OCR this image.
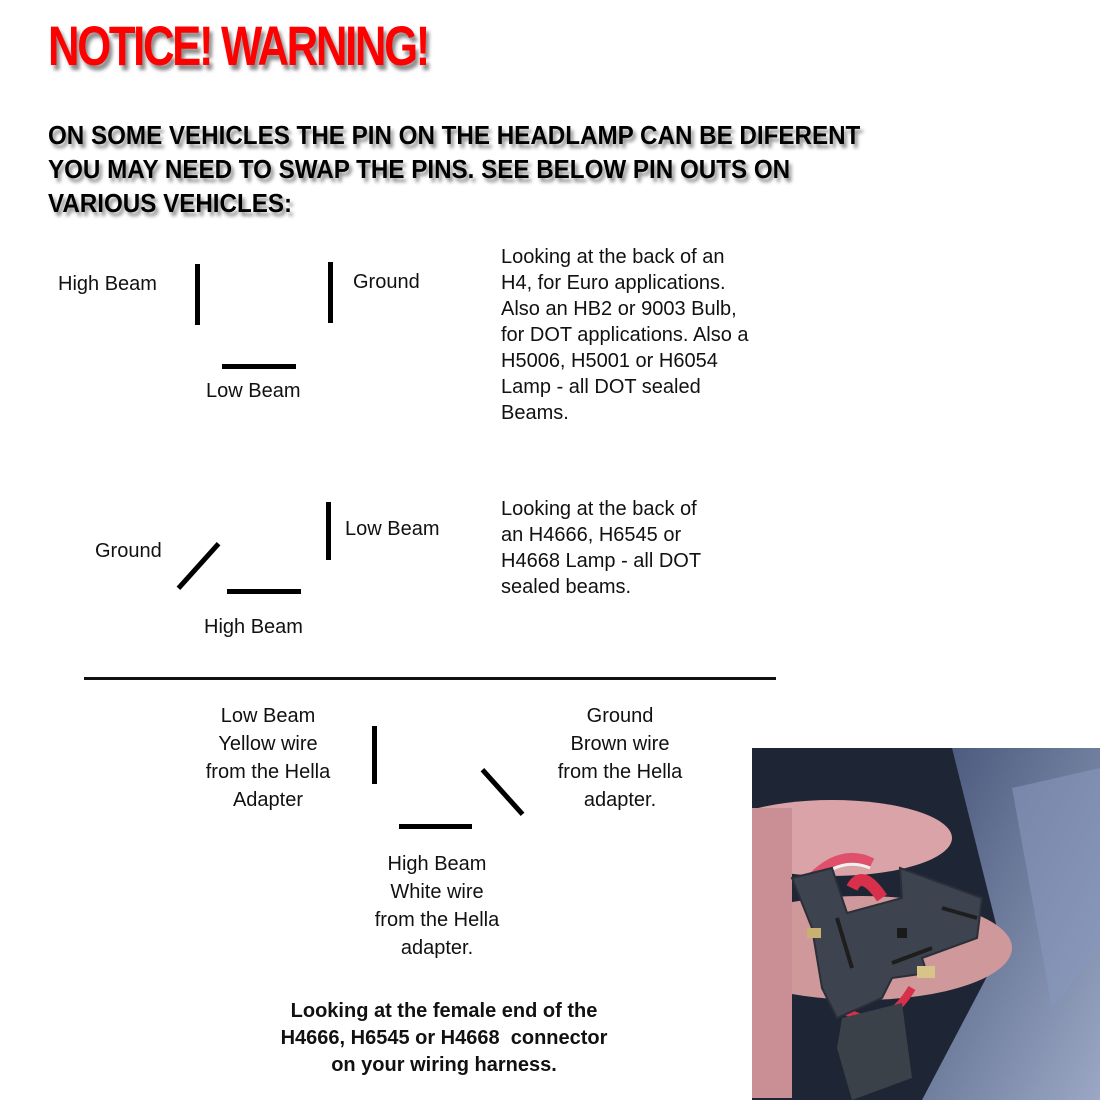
NOTICE! WARNING!
ON SOME VEHICLES THE PIN ON THE HEADLAMP CAN BE DIFERENT
YOU MAY NEED TO SWAP THE PINS. SEE BELOW PIN OUTS ON
VARIOUS VEHICLES:
High Beam	Ground
Low Beam
Looking at the back of an
H4, for Euro applications.
Also an HB2 or 9003 Bulb,
for DOT applications. Also a
H5006, H5001 or H6054
Lamp - all DOT sealed
Beams.
Ground
Low Beam
High Beam
Looking at the back of
an H4666, H6545 or
H4668 Lamp - all DOT
sealed beams.
Low Beam
Yellow wire
from the Hella
Adapter
Ground
Brown wire
from the Hella
adapter.
High Beam
White wire
from the Hella
adapter.
Looking at the female end of the
H4666, H6545 or H4668  connector
on your wiring harness.
